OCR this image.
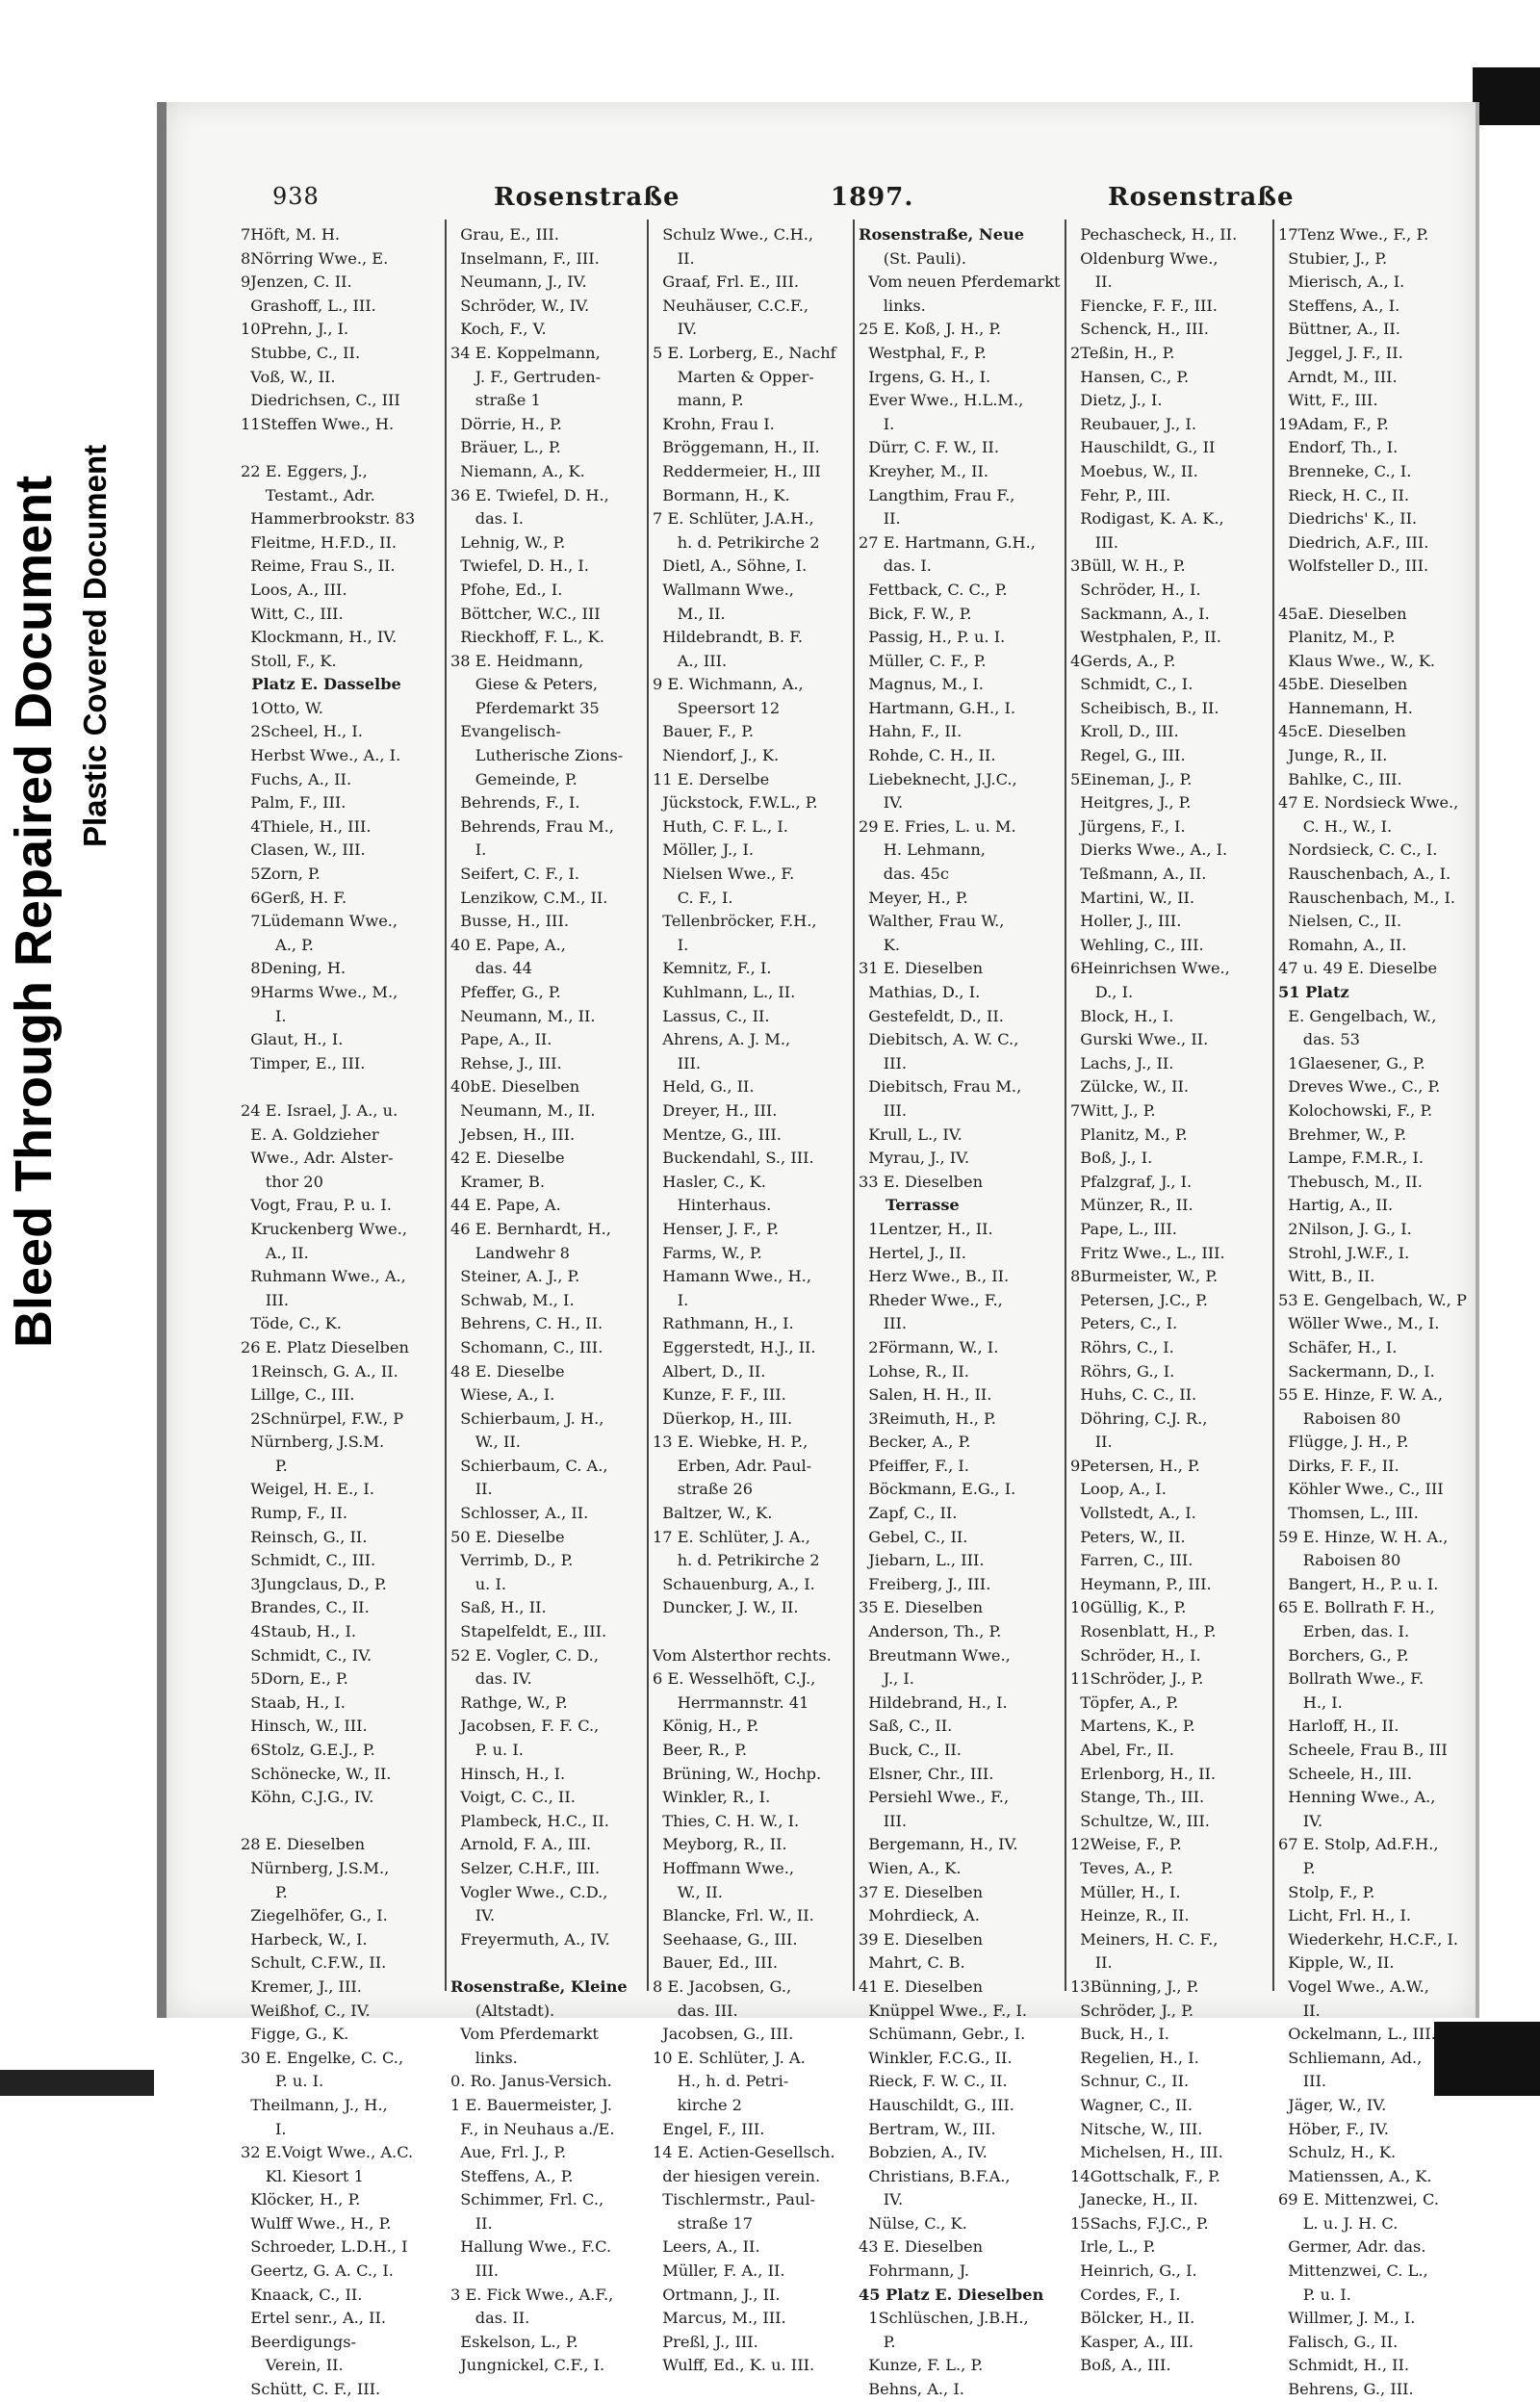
Bleed Through Repaired Document Plastic Covered Document
938	Rosenstraße	1897.	Rosenstraße
7Höft, M. H.
8Nörring Wwe., E.
9Jenzen, C. II.
Grashoff, L., III.
10Prehn, J., I.
Stubbe, C., II.
Voß, W., II.
Diedrichsen, C., III
11Steffen Wwe., H.
22 E. Eggers, J.,
Testamt., Adr.
Hammerbrookstr. 83
Fleitme, H.F.D., II.
Reime, Frau S., II.
Loos, A., III.
Witt, C., III.
Klockmann, H., IV.
Stoll, F., K.
Platz E. Dasselbe
1Otto, W.
2Scheel, H., I.
Herbst Wwe., A., I.
Fuchs, A., II.
Palm, F., III.
4Thiele, H., III.
Clasen, W., III.
5Zorn, P.
6Gerß, H. F.
7Lüdemann Wwe.,
A., P.
8Dening, H.
9Harms Wwe., M.,
I.
Glaut, H., I.
Timper, E., III.
24 E. Israel, J. A., u.
E. A. Goldzieher
Wwe., Adr. Alster-
thor 20
Vogt, Frau, P. u. I.
Kruckenberg Wwe.,
A., II.
Ruhmann Wwe., A.,
III.
Töde, C., K.
26 E. Platz Dieselben
1Reinsch, G. A., II.
Lillge, C., III.
2Schnürpel, F.W., P
Nürnberg, J.S.M.
P.
Weigel, H. E., I.
Rump, F., II.
Reinsch, G., II.
Schmidt, C., III.
3Jungclaus, D., P.
Brandes, C., II.
4Staub, H., I.
Schmidt, C., IV.
5Dorn, E., P.
Staab, H., I.
Hinsch, W., III.
6Stolz, G.E.J., P.
Schönecke, W., II.
Köhn, C.J.G., IV.
28 E. Dieselben
Nürnberg, J.S.M.,
P.
Ziegelhöfer, G., I.
Harbeck, W., I.
Schult, C.F.W., II.
Kremer, J., III.
Weißhof, C., IV.
Figge, G., K.
30 E. Engelke, C. C.,
P. u. I.
Theilmann, J., H.,
I.
32 E.Voigt Wwe., A.C.
Kl. Kiesort 1
Klöcker, H., P.
Wulff Wwe., H., P.
Schroeder, L.D.H., I
Geertz, G. A. C., I.
Knaack, C., II.
Ertel senr., A., II.
Beerdigungs-
Verein, II.
Schütt, C. F., III.
Grau, E., III.
Inselmann, F., III.
Neumann, J., IV.
Schröder, W., IV.
Koch, F., V.
34 E. Koppelmann,
J. F., Gertruden-
straße 1
Dörrie, H., P.
Bräuer, L., P.
Niemann, A., K.
36 E. Twiefel, D. H.,
das. I.
Lehnig, W., P.
Twiefel, D. H., I.
Pfohe, Ed., I.
Böttcher, W.C., III
Rieckhoff, F. L., K.
38 E. Heidmann,
Giese & Peters,
Pferdemarkt 35
Evangelisch-
Lutherische Zions-
Gemeinde, P.
Behrends, F., I.
Behrends, Frau M.,
I.
Seifert, C. F., I.
Lenzikow, C.M., II.
Busse, H., III.
40 E. Pape, A.,
das. 44
Pfeffer, G., P.
Neumann, M., II.
Pape, A., II.
Rehse, J., III.
40bE. Dieselben
Neumann, M., II.
Jebsen, H., III.
42 E. Dieselbe
Kramer, B.
44 E. Pape, A.
46 E. Bernhardt, H.,
Landwehr 8
Steiner, A. J., P.
Schwab, M., I.
Behrens, C. H., II.
Schomann, C., III.
48 E. Dieselbe
Wiese, A., I.
Schierbaum, J. H.,
W., II.
Schierbaum, C. A.,
II.
Schlosser, A., II.
50 E. Dieselbe
Verrimb, D., P.
u. I.
Saß, H., II.
Stapelfeldt, E., III.
52 E. Vogler, C. D.,
das. IV.
Rathge, W., P.
Jacobsen, F. F. C.,
P. u. I.
Hinsch, H., I.
Voigt, C. C., II.
Plambeck, H.C., II.
Arnold, F. A., III.
Selzer, C.H.F., III.
Vogler Wwe., C.D.,
IV.
Freyermuth, A., IV.
Rosenstraße, Kleine
(Altstadt).
Vom Pferdemarkt
links.
0. Ro. Janus-Versich.
1 E. Bauermeister, J.
F., in Neuhaus a./E.
Aue, Frl. J., P.
Steffens, A., P.
Schimmer, Frl. C.,
II.
Hallung Wwe., F.C.
III.
3 E. Fick Wwe., A.F.,
das. II.
Eskelson, L., P.
Jungnickel, C.F., I.
Schulz Wwe., C.H.,
II.
Graaf, Frl. E., III.
Neuhäuser, C.C.F.,
IV.
5 E. Lorberg, E., Nachf
Marten & Opper-
mann, P.
Krohn, Frau I.
Bröggemann, H., II.
Reddermeier, H., III
Bormann, H., K.
7 E. Schlüter, J.A.H.,
h. d. Petrikirche 2
Dietl, A., Söhne, I.
Wallmann Wwe.,
M., II.
Hildebrandt, B. F.
A., III.
9 E. Wichmann, A.,
Speersort 12
Bauer, F., P.
Niendorf, J., K.
11 E. Derselbe
Jückstock, F.W.L., P.
Huth, C. F. L., I.
Möller, J., I.
Nielsen Wwe., F.
C. F., I.
Tellenbröcker, F.H.,
I.
Kemnitz, F., I.
Kuhlmann, L., II.
Lassus, C., II.
Ahrens, A. J. M.,
III.
Held, G., II.
Dreyer, H., III.
Mentze, G., III.
Buckendahl, S., III.
Hasler, C., K.
Hinterhaus.
Henser, J. F., P.
Farms, W., P.
Hamann Wwe., H.,
I.
Rathmann, H., I.
Eggerstedt, H.J., II.
Albert, D., II.
Kunze, F. F., III.
Düerkop, H., III.
13 E. Wiebke, H. P.,
Erben, Adr. Paul-
straße 26
Baltzer, W., K.
17 E. Schlüter, J. A.,
h. d. Petrikirche 2
Schauenburg, A., I.
Duncker, J. W., II.
Vom Alsterthor rechts.
6 E. Wesselhöft, C.J.,
Herrmannstr. 41
König, H., P.
Beer, R., P.
Brüning, W., Hochp.
Winkler, R., I.
Thies, C. H. W., I.
Meyborg, R., II.
Hoffmann Wwe.,
W., II.
Blancke, Frl. W., II.
Seehaase, G., III.
Bauer, Ed., III.
8 E. Jacobsen, G.,
das. III.
Jacobsen, G., III.
10 E. Schlüter, J. A.
H., h. d. Petri-
kirche 2
Engel, F., III.
14 E. Actien-Gesellsch.
der hiesigen verein.
Tischlermstr., Paul-
straße 17
Leers, A., II.
Müller, F. A., II.
Ortmann, J., II.
Marcus, M., III.
Preßl, J., III.
Wulff, Ed., K. u. III.
Rosenstraße, Neue
(St. Pauli).
Vom neuen Pferdemarkt
links.
25 E. Koß, J. H., P.
Westphal, F., P.
Irgens, G. H., I.
Ever Wwe., H.L.M.,
I.
Dürr, C. F. W., II.
Kreyher, M., II.
Langthim, Frau F.,
II.
27 E. Hartmann, G.H.,
das. I.
Fettback, C. C., P.
Bick, F. W., P.
Passig, H., P. u. I.
Müller, C. F., P.
Magnus, M., I.
Hartmann, G.H., I.
Hahn, F., II.
Rohde, C. H., II.
Liebeknecht, J.J.C.,
IV.
29 E. Fries, L. u. M.
H. Lehmann,
das. 45c
Meyer, H., P.
Walther, Frau W.,
K.
31 E. Dieselben
Mathias, D., I.
Gestefeldt, D., II.
Diebitsch, A. W. C.,
III.
Diebitsch, Frau M.,
III.
Krull, L., IV.
Myrau, J., IV.
33 E. Dieselben
Terrasse
1Lentzer, H., II.
Hertel, J., II.
Herz Wwe., B., II.
Rheder Wwe., F.,
III.
2Förmann, W., I.
Lohse, R., II.
Salen, H. H., II.
3Reimuth, H., P.
Becker, A., P.
Pfeiffer, F., I.
Böckmann, E.G., I.
Zapf, C., II.
Gebel, C., II.
Jiebarn, L., III.
Freiberg, J., III.
35 E. Dieselben
Anderson, Th., P.
Breutmann Wwe.,
J., I.
Hildebrand, H., I.
Saß, C., II.
Buck, C., II.
Elsner, Chr., III.
Persiehl Wwe., F.,
III.
Bergemann, H., IV.
Wien, A., K.
37 E. Dieselben
Mohrdieck, A.
39 E. Dieselben
Mahrt, C. B.
41 E. Dieselben
Knüppel Wwe., F., I.
Schümann, Gebr., I.
Winkler, F.C.G., II.
Rieck, F. W. C., II.
Hauschildt, G., III.
Bertram, W., III.
Bobzien, A., IV.
Christians, B.F.A.,
IV.
Nülse, C., K.
43 E. Dieselben
Fohrmann, J.
45 Platz E. Dieselben
1Schlüschen, J.B.H.,
P.
Kunze, F. L., P.
Behns, A., I.
Pechascheck, H., II.
Oldenburg Wwe.,
II.
Fiencke, F. F., III.
Schenck, H., III.
2Teßin, H., P.
Hansen, C., P.
Dietz, J., I.
Reubauer, J., I.
Hauschildt, G., II
Moebus, W., II.
Fehr, P., III.
Rodigast, K. A. K.,
III.
3Büll, W. H., P.
Schröder, H., I.
Sackmann, A., I.
Westphalen, P., II.
4Gerds, A., P.
Schmidt, C., I.
Scheibisch, B., II.
Kroll, D., III.
Regel, G., III.
5Eineman, J., P.
Heitgres, J., P.
Jürgens, F., I.
Dierks Wwe., A., I.
Teßmann, A., II.
Martini, W., II.
Holler, J., III.
Wehling, C., III.
6Heinrichsen Wwe.,
D., I.
Block, H., I.
Gurski Wwe., II.
Lachs, J., II.
Zülcke, W., II.
7Witt, J., P.
Planitz, M., P.
Boß, J., I.
Pfalzgraf, J., I.
Münzer, R., II.
Pape, L., III.
Fritz Wwe., L., III.
8Burmeister, W., P.
Petersen, J.C., P.
Peters, C., I.
Röhrs, C., I.
Röhrs, G., I.
Huhs, C. C., II.
Döhring, C.J. R.,
II.
9Petersen, H., P.
Loop, A., I.
Vollstedt, A., I.
Peters, W., II.
Farren, C., III.
Heymann, P., III.
10Güllig, K., P.
Rosenblatt, H., P.
Schröder, H., I.
11Schröder, J., P.
Töpfer, A., P.
Martens, K., P.
Abel, Fr., II.
Erlenborg, H., II.
Stange, Th., III.
Schultze, W., III.
12Weise, F., P.
Teves, A., P.
Müller, H., I.
Heinze, R., II.
Meiners, H. C. F.,
II.
13Bünning, J., P.
Schröder, J., P.
Buck, H., I.
Regelien, H., I.
Schnur, C., II.
Wagner, C., II.
Nitsche, W., III.
Michelsen, H., III.
14Gottschalk, F., P.
Janecke, H., II.
15Sachs, F.J.C., P.
Irle, L., P.
Heinrich, G., I.
Cordes, F., I.
Bölcker, H., II.
Kasper, A., III.
Boß, A., III.
17Tenz Wwe., F., P.
Stubier, J., P.
Mierisch, A., I.
Steffens, A., I.
Büttner, A., II.
Jeggel, J. F., II.
Arndt, M., III.
Witt, F., III.
19Adam, F., P.
Endorf, Th., I.
Brenneke, C., I.
Rieck, H. C., II.
Diedrichs' K., II.
Diedrich, A.F., III.
Wolfsteller D., III.
45aE. Dieselben
Planitz, M., P.
Klaus Wwe., W., K.
45bE. Dieselben
Hannemann, H.
45cE. Dieselben
Junge, R., II.
Bahlke, C., III.
47 E. Nordsieck Wwe.,
C. H., W., I.
Nordsieck, C. C., I.
Rauschenbach, A., I.
Rauschenbach, M., I.
Nielsen, C., II.
Romahn, A., II.
47 u. 49 E. Dieselbe
51 Platz
E. Gengelbach, W.,
das. 53
1Glaesener, G., P.
Dreves Wwe., C., P.
Kolochowski, F., P.
Brehmer, W., P.
Lampe, F.M.R., I.
Thebusch, M., II.
Hartig, A., II.
2Nilson, J. G., I.
Strohl, J.W.F., I.
Witt, B., II.
53 E. Gengelbach, W., P
Wöller Wwe., M., I.
Schäfer, H., I.
Sackermann, D., I.
55 E. Hinze, F. W. A.,
Raboisen 80
Flügge, J. H., P.
Dirks, F. F., II.
Köhler Wwe., C., III
Thomsen, L., III.
59 E. Hinze, W. H. A.,
Raboisen 80
Bangert, H., P. u. I.
65 E. Bollrath F. H.,
Erben, das. I.
Borchers, G., P.
Bollrath Wwe., F.
H., I.
Harloff, H., II.
Scheele, Frau B., III
Scheele, H., III.
Henning Wwe., A.,
IV.
67 E. Stolp, Ad.F.H.,
P.
Stolp, F., P.
Licht, Frl. H., I.
Wiederkehr, H.C.F., I.
Kipple, W., II.
Vogel Wwe., A.W.,
II.
Ockelmann, L., III.
Schliemann, Ad.,
III.
Jäger, W., IV.
Höber, F., IV.
Schulz, H., K.
Matienssen, A., K.
69 E. Mittenzwei, C.
L. u. J. H. C.
Germer, Adr. das.
Mittenzwei, C. L.,
P. u. I.
Willmer, J. M., I.
Falisch, G., II.
Schmidt, H., II.
Behrens, G., III.
